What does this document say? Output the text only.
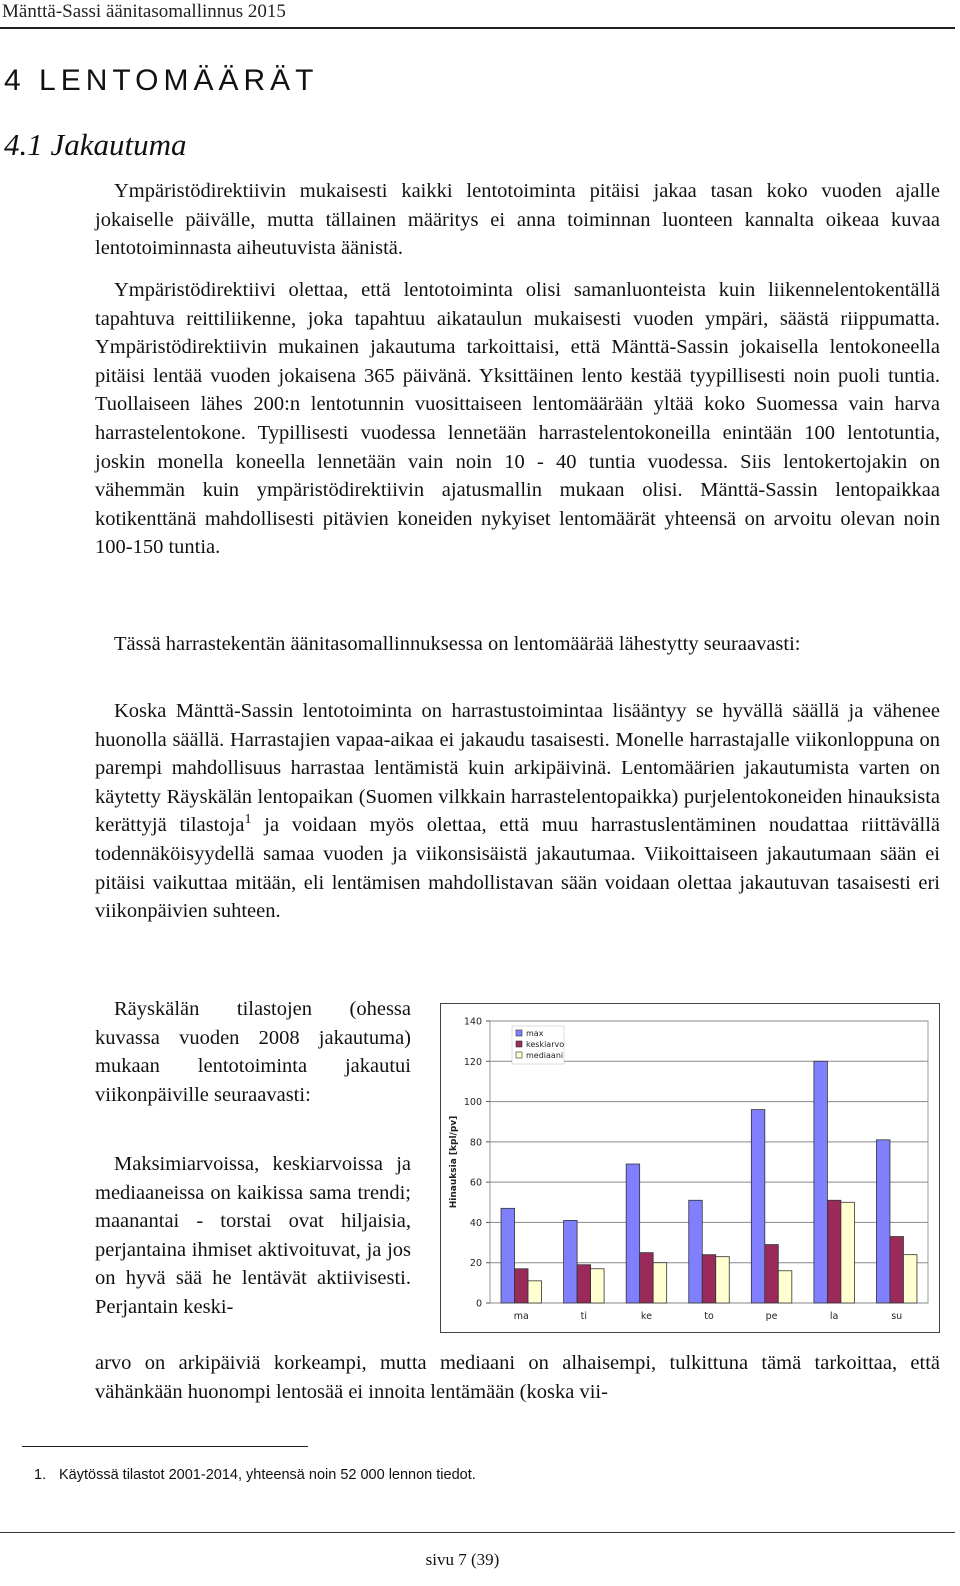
Mänttä-Sassi äänitasomallinnus 2015
4 LENTOMÄÄRÄT
4.1 Jakautuma

Ympäristödirektiivin mukaisesti kaikki lentotoiminta pitäisi jakaa tasan koko vuoden ajalle jokaiselle päivälle, mutta tällainen määritys ei anna toiminnan luonteen kannalta oikeaa kuvaa lentotoiminnasta aiheutuvista äänistä.

Ympäristödirektiivi olettaa, että lentotoiminta olisi samanluonteista kuin liikennelentokentällä tapahtuva reittiliikenne, joka tapahtuu aikataulun mukaisesti vuoden ympäri, säästä riippumatta. Ympäristödirektiivin mukainen jakautuma tarkoittaisi, että Mänttä-Sassin jokaisella lentokoneella pitäisi lentää vuoden jokaisena 365 päivänä. Yksittäinen lento kestää tyypillisesti noin puoli tuntia. Tuollaiseen lähes 200:n lentotunnin vuosittaiseen lentomäärään yltää koko Suomessa vain harva harrastelentokone. Typillisesti vuodessa lennetään harrastelentokoneilla enintään 100 lentotuntia, joskin monella koneella lennetään vain noin 10 - 40 tuntia vuodessa. Siis lentokertojakin on vähemmän kuin ympäristödirektiivin ajatusmallin mukaan olisi. Mänttä-Sassin lentopaikkaa kotikenttänä mahdollisesti pitävien koneiden nykyiset lentomäärät yhteensä on arvoitu olevan noin 100-150 tuntia.

Tässä harrastekentän äänitasomallinnuksessa on lentomäärää lähestytty seuraavasti:

Koska Mänttä-Sassin lentotoiminta on harrastustoimintaa lisääntyy se hyvällä säällä ja vähenee huonolla säällä. Harrastajien vapaa-aikaa ei jakaudu tasaisesti. Monelle harrastajalle viikonloppuna on parempi mahdollisuus harrastaa lentämistä kuin arkipäivinä. Lentomäärien jakautumista varten on käytetty Räyskälän lentopaikan (Suomen vilkkain harrastelentopaikka) purjelentokoneiden hinauksista kerättyjä tilastoja$^1$ ja voidaan myös olettaa, että muu harrastuslentäminen noudattaa riittävällä todennäköisyydellä samaa vuoden ja viikonsisäistä jakautumaa. Viikoittaiseen jakautumaan sään ei pitäisi vaikuttaa mitään, eli lentämisen mahdollistavan sään voidaan olettaa jakautuvan tasaisesti eri viikonpäivien suhteen.

Räyskälän tilastojen (ohessa kuvassa vuoden 2008 jakautuma) mukaan lentotoiminta jakautui viikonpäiville seuraavasti:

Maksimiarvoissa, keskiarvoissa ja mediaaneissa on kaikissa sama trendi; maanantai - torstai ovat hiljaisia, perjantaina ihmiset aktivoituvat, ja jos on hyvä sää he lentävät aktiivisesti. Perjantain keski-

arvo on arkipäiviä korkeampi, mutta mediaani on alhaisempi, tulkittuna tämä tarkoittaa, että vähänkään huonompi lentosää ei innoita lentämään (koska vii-

0
20
40
60
80
100
120
140
Hinauksia [kpl/pv]
ma	ti	ke	to	pe	la	su
max
keskiarvo
mediaani

1. Käytössä tilastot 2001-2014, yhteensä noin 52 000 lennon tiedot.

sivu 7 (39)
